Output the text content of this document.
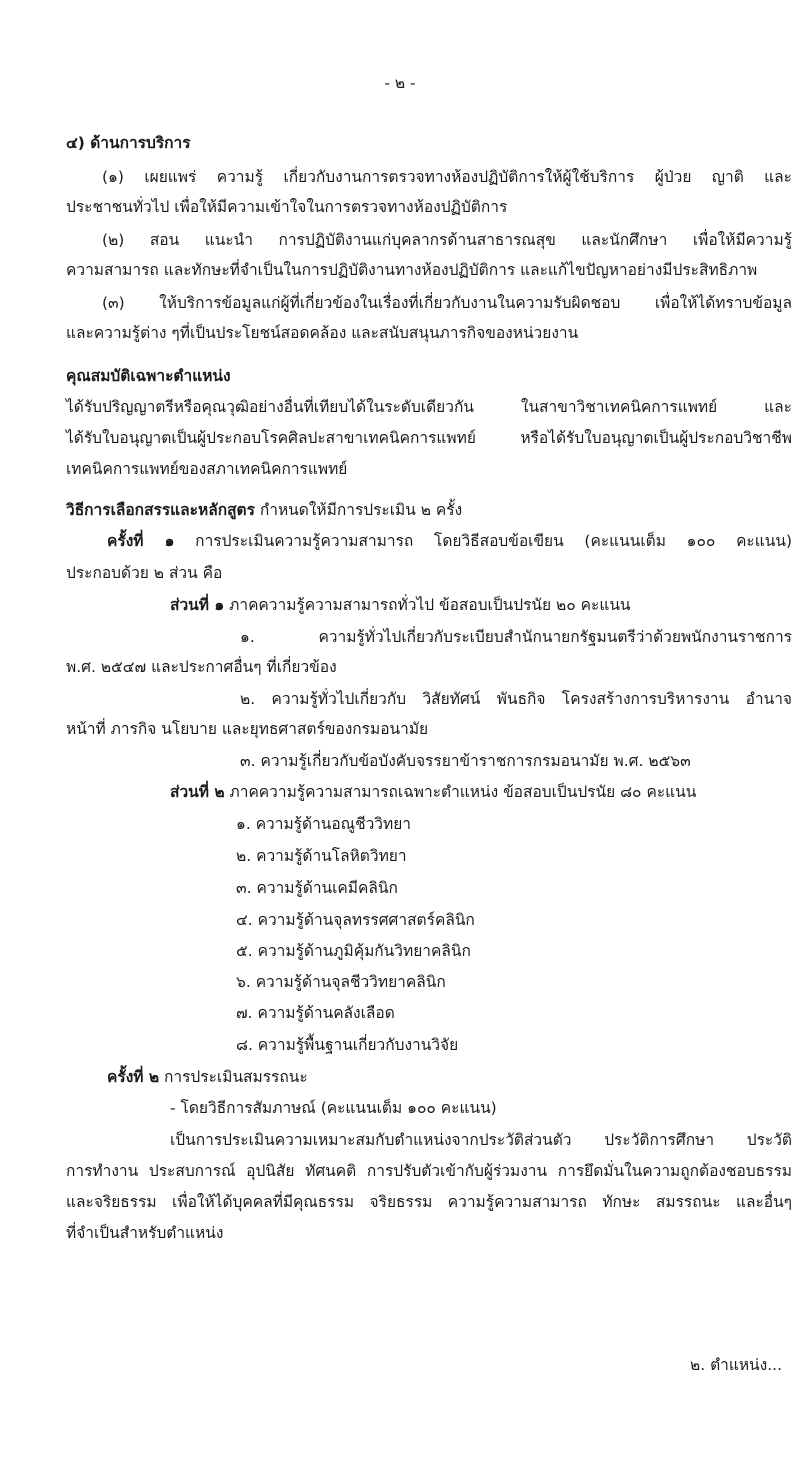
- ๒ -
๔) ด้านการบริการ
(๑) เผยแพร่ ความรู้ เกี่ยวกับงานการตรวจทางห้องปฏิบัติการให้ผู้ใช้บริการ ผู้ป่วย ญาติ และ
ประชาชนทั่วไป เพื่อให้มีความเข้าใจในการตรวจทางห้องปฏิบัติการ
(๒) สอน แนะนำ การปฏิบัติงานแก่บุคลากรด้านสาธารณสุข และนักศึกษา เพื่อให้มีความรู้
ความสามารถ และทักษะที่จำเป็นในการปฏิบัติงานทางห้องปฏิบัติการ และแก้ไขปัญหาอย่างมีประสิทธิภาพ
(๓) ให้บริการข้อมูลแก่ผู้ที่เกี่ยวข้องในเรื่องที่เกี่ยวกับงานในความรับผิดชอบ เพื่อให้ได้ทราบข้อมูล
และความรู้ต่าง ๆที่เป็นประโยชน์สอดคล้อง และสนับสนุนภารกิจของหน่วยงาน
คุณสมบัติเฉพาะตำแหน่ง
ได้รับปริญญาตรีหรือคุณวุฒิอย่างอื่นที่เทียบได้ในระดับเดียวกัน ในสาขาวิชาเทคนิคการแพทย์ และ
ได้รับใบอนุญาตเป็นผู้ประกอบโรคศิลปะสาขาเทคนิคการแพทย์ หรือได้รับใบอนุญาตเป็นผู้ประกอบวิชาชีพ
เทคนิคการแพทย์ของสภาเทคนิคการแพทย์
วิธีการเลือกสรรและหลักสูตร กำหนดให้มีการประเมิน ๒ ครั้ง
ครั้งที่ ๑ การประเมินความรู้ความสามารถ โดยวิธีสอบข้อเขียน (คะแนนเต็ม ๑๐๐ คะแนน)
ประกอบด้วย ๒ ส่วน คือ
ส่วนที่ ๑ ภาคความรู้ความสามารถทั่วไป ข้อสอบเป็นปรนัย ๒๐ คะแนน
๑. ความรู้ทั่วไปเกี่ยวกับระเบียบสำนักนายกรัฐมนตรีว่าด้วยพนักงานราชการ
พ.ศ. ๒๕๔๗ และประกาศอื่นๆ ที่เกี่ยวข้อง
๒. ความรู้ทั่วไปเกี่ยวกับ วิสัยทัศน์ พันธกิจ โครงสร้างการบริหารงาน อำนาจ
หน้าที่ ภารกิจ นโยบาย และยุทธศาสตร์ของกรมอนามัย
๓. ความรู้เกี่ยวกับข้อบังคับจรรยาข้าราชการกรมอนามัย พ.ศ. ๒๕๖๓
ส่วนที่ ๒ ภาคความรู้ความสามารถเฉพาะตำแหน่ง ข้อสอบเป็นปรนัย ๘๐ คะแนน
๑. ความรู้ด้านอณูชีววิทยา
๒. ความรู้ด้านโลหิตวิทยา
๓. ความรู้ด้านเคมีคลินิก
๔. ความรู้ด้านจุลทรรศศาสตร์คลินิก
๕. ความรู้ด้านภูมิคุ้มกันวิทยาคลินิก
๖. ความรู้ด้านจุลชีววิทยาคลินิก
๗. ความรู้ด้านคลังเลือด
๘. ความรู้พื้นฐานเกี่ยวกับงานวิจัย
ครั้งที่ ๒ การประเมินสมรรถนะ
- โดยวิธีการสัมภาษณ์ (คะแนนเต็ม ๑๐๐ คะแนน)
เป็นการประเมินความเหมาะสมกับตำแหน่งจากประวัติส่วนตัว ประวัติการศึกษา ประวัติ
การทำงาน ประสบการณ์ อุปนิสัย ทัศนคติ การปรับตัวเข้ากับผู้ร่วมงาน การยึดมั่นในความถูกต้องชอบธรรม
และจริยธรรม เพื่อให้ได้บุคคลที่มีคุณธรรม จริยธรรม ความรู้ความสามารถ ทักษะ สมรรถนะ และอื่นๆ
ที่จำเป็นสำหรับตำแหน่ง
๒. ตำแหน่ง...
